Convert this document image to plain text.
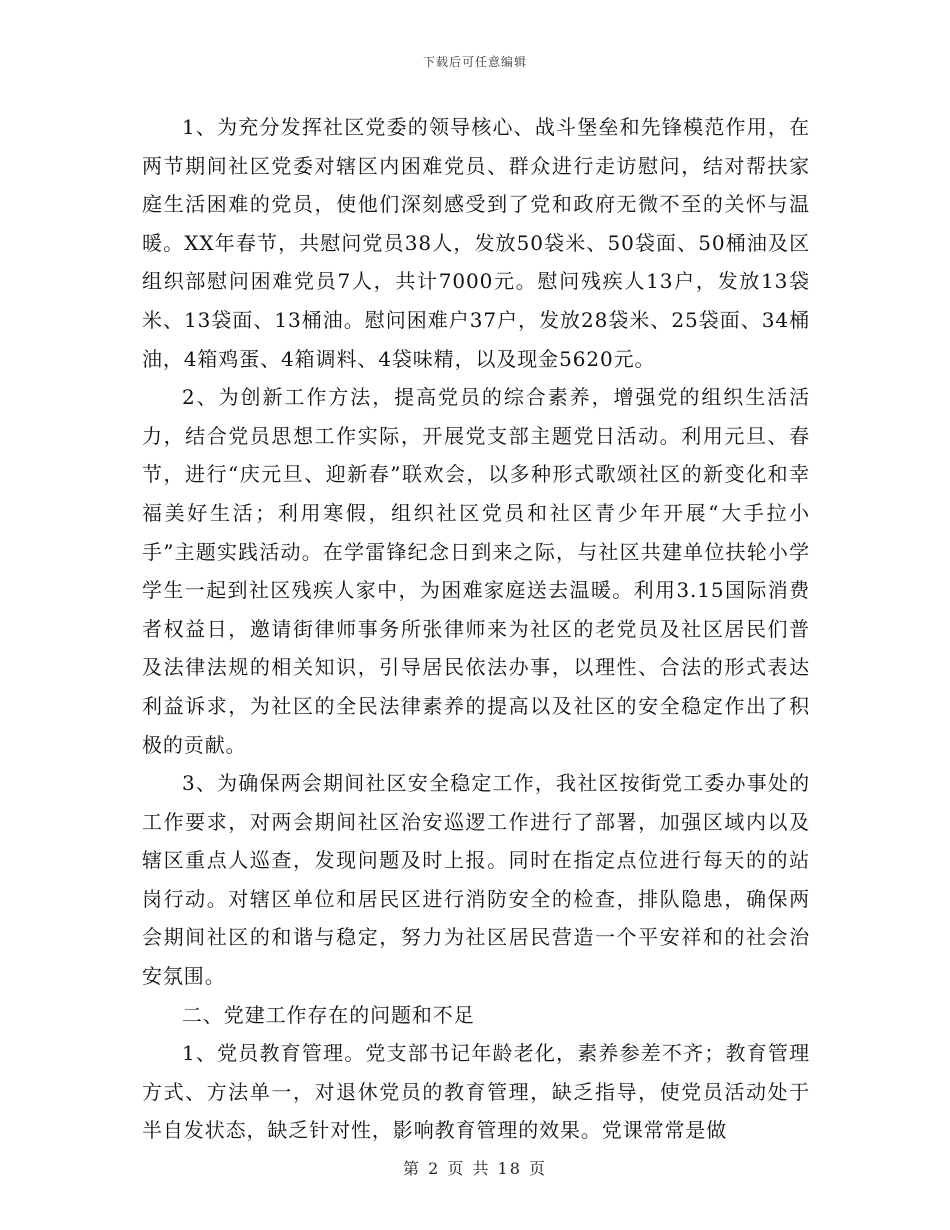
下载后可任意编辑

1、为充分发挥社区党委的领导核心、战斗堡垒和先锋模范作用，在两节期间社区党委对辖区内困难党员、群众进行走访慰问，结对帮扶家庭生活困难的党员，使他们深刻感受到了党和政府无微不至的关怀与温暖。XX年春节，共慰问党员38人，发放50袋米、50袋面、50桶油及区组织部慰问困难党员7人，共计7000元。慰问残疾人13户，发放13袋米、13袋面、13桶油。慰问困难户37户，发放28袋米、25袋面、34桶油，4箱鸡蛋、4箱调料、4袋味精，以及现金5620元。

2、为创新工作方法，提高党员的综合素养，增强党的组织生活活力，结合党员思想工作实际，开展党支部主题党日活动。利用元旦、春节，进行“庆元旦、迎新春”联欢会，以多种形式歌颂社区的新变化和幸福美好生活；利用寒假，组织社区党员和社区青少年开展“大手拉小手”主题实践活动。在学雷锋纪念日到来之际，与社区共建单位扶轮小学学生一起到社区残疾人家中，为困难家庭送去温暖。利用3.15国际消费者权益日，邀请街律师事务所张律师来为社区的老党员及社区居民们普及法律法规的相关知识，引导居民依法办事，以理性、合法的形式表达利益诉求，为社区的全民法律素养的提高以及社区的安全稳定作出了积极的贡献。

3、为确保两会期间社区安全稳定工作，我社区按街党工委办事处的工作要求，对两会期间社区治安巡逻工作进行了部署，加强区域内以及辖区重点人巡查，发现问题及时上报。同时在指定点位进行每天的的站岗行动。对辖区单位和居民区进行消防安全的检查，排队隐患，确保两会期间社区的和谐与稳定，努力为社区居民营造一个平安祥和的社会治安氛围。

二、党建工作存在的问题和不足

1、党员教育管理。党支部书记年龄老化，素养参差不齐；教育管理方式、方法单一，对退休党员的教育管理，缺乏指导，使党员活动处于半自发状态，缺乏针对性，影响教育管理的效果。党课常常是做

第 2 页 共 18 页
